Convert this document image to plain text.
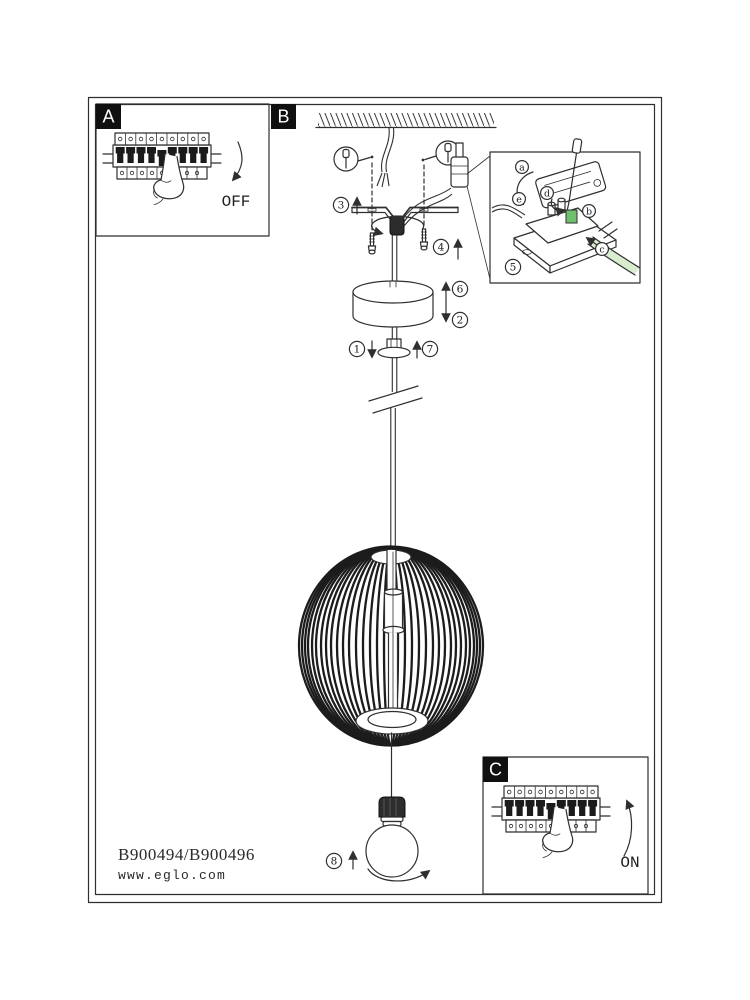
A
OFF
B
3
4
6
2
1	7
8
a
b
c
d
e
5
C
ON
B900494/B900496
www.eglo.com
